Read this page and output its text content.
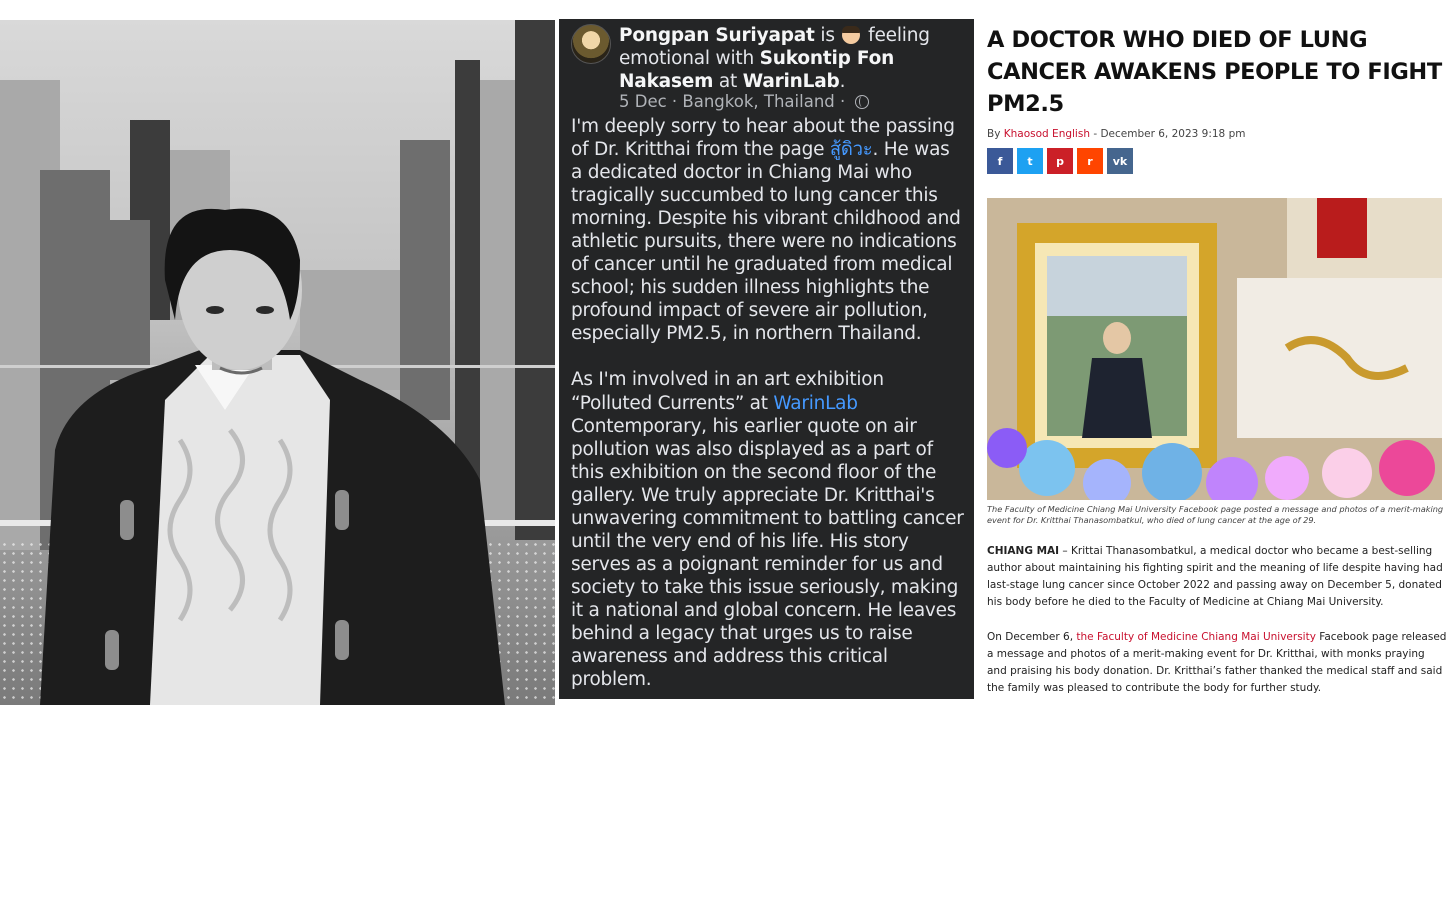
Pongpan Suriyapat is feeling emotional with Sukontip Fon Nakasem at WarinLab.
5 Dec · Bangkok, Thailand ·

I'm deeply sorry to hear about the passing of Dr. Kritthai from the page สู้ดิวะ. He was a dedicated doctor in Chiang Mai who tragically succumbed to lung cancer this morning. Despite his vibrant childhood and athletic pursuits, there were no indications of cancer until he graduated from medical school; his sudden illness highlights the profound impact of severe air pollution, especially PM2.5, in northern Thailand.

As I'm involved in an art exhibition “Polluted Currents” at WarinLab Contemporary, his earlier quote on air pollution was also displayed as a part of this exhibition on the second floor of the gallery. We truly appreciate Dr. Kritthai's unwavering commitment to battling cancer until the very end of his life. His story serves as a poignant reminder for us and society to take this issue seriously, making it a national and global concern. He leaves behind a legacy that urges us to raise awareness and address this critical problem.

A DOCTOR WHO DIED OF LUNG CANCER AWAKENS PEOPLE TO FIGHT PM2.5
By Khaosod English - December 6, 2023 9:18 pm
f t p r vk
The Faculty of Medicine Chiang Mai University Facebook page posted a message and photos of a merit-making event for Dr. Kritthai Thanasombatkul, who died of lung cancer at the age of 29.
CHIANG MAI – Krittai Thanasombatkul, a medical doctor who became a best-selling author about maintaining his fighting spirit and the meaning of life despite having had last-stage lung cancer since October 2022 and passing away on December 5, donated his body before he died to the Faculty of Medicine at Chiang Mai University.
On December 6, the Faculty of Medicine Chiang Mai University Facebook page released a message and photos of a merit-making event for Dr. Kritthai, with monks praying and praising his body donation. Dr. Kritthai’s father thanked the medical staff and said the family was pleased to contribute the body for further study.
